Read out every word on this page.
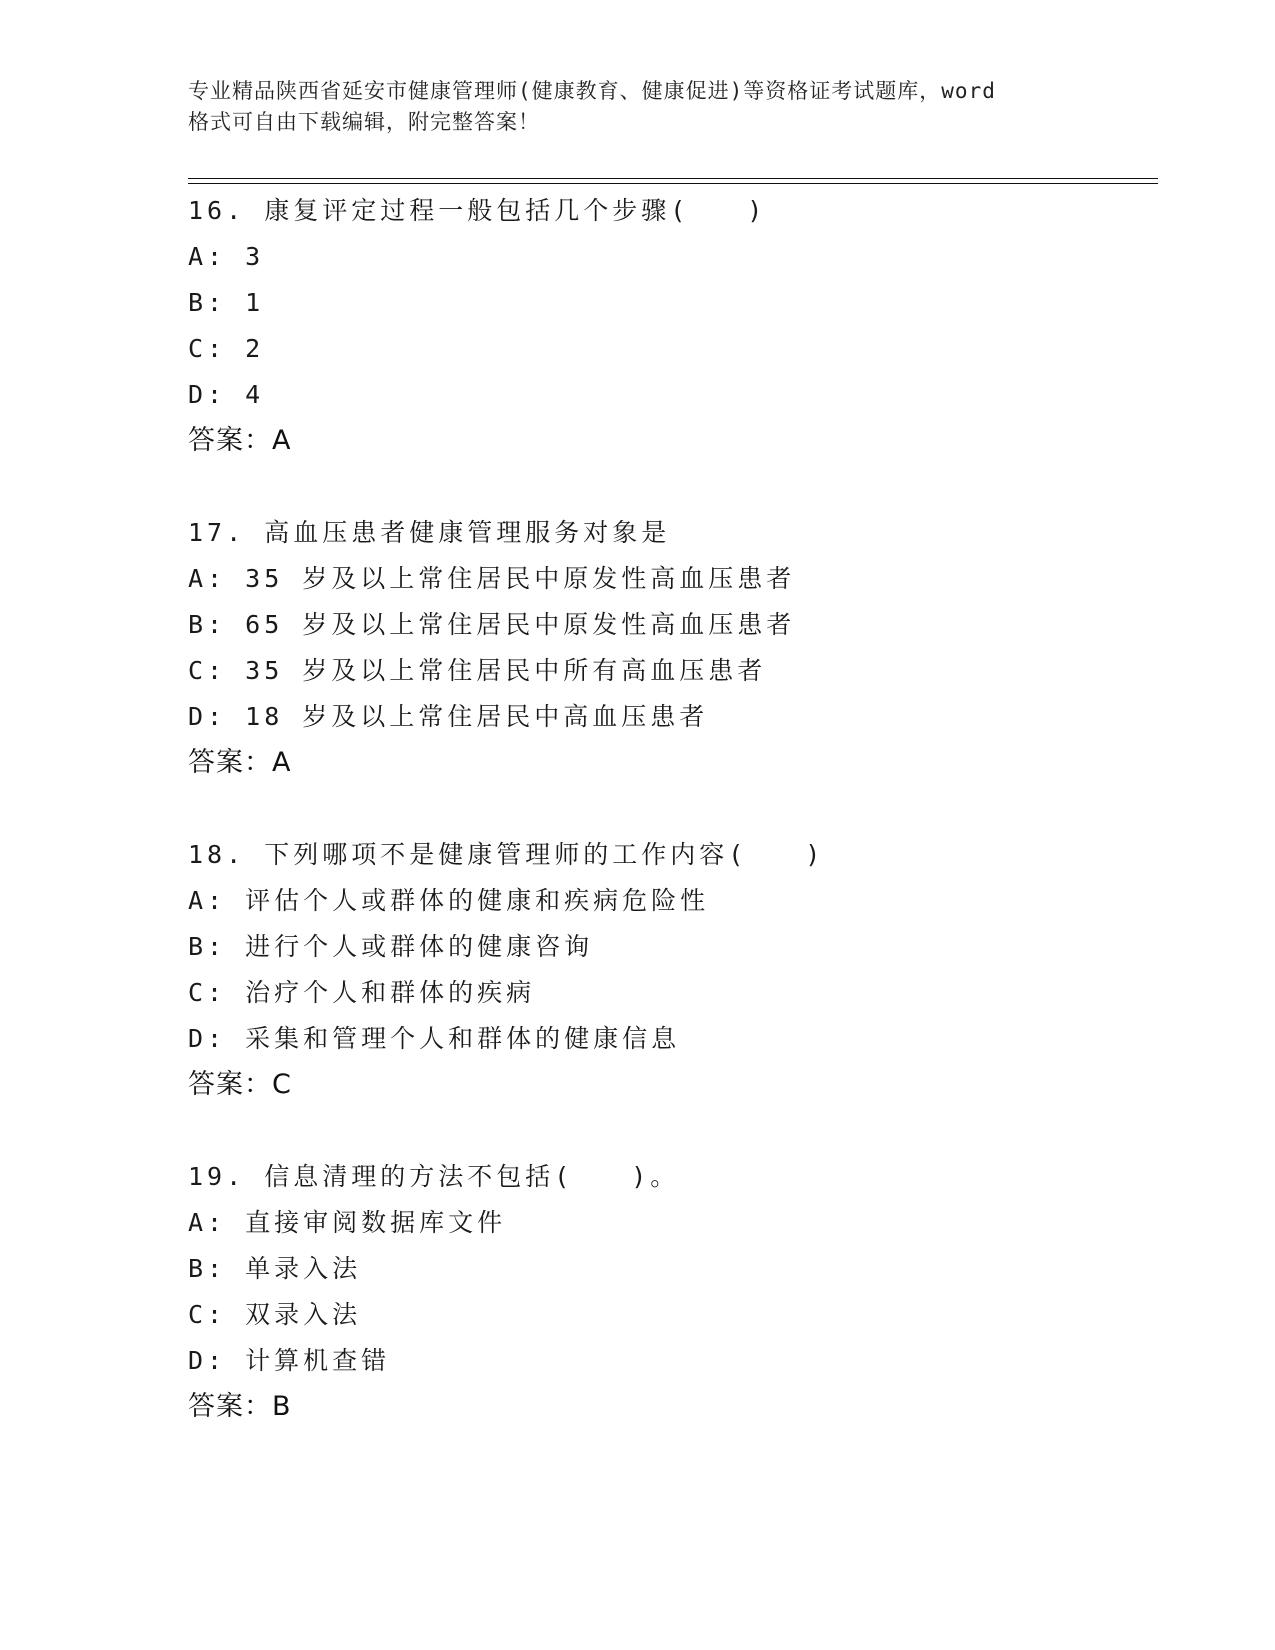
专业精品陕西省延安市健康管理师(健康教育、健康促进)等资格证考试题库，word
格式可自由下载编辑，附完整答案！
16. 康复评定过程一般包括几个步骤(　　)
A: 3
B: 1
C: 2
D: 4
答案：A
17. 高血压患者健康管理服务对象是
A: 35 岁及以上常住居民中原发性高血压患者
B: 65 岁及以上常住居民中原发性高血压患者
C: 35 岁及以上常住居民中所有高血压患者
D: 18 岁及以上常住居民中高血压患者
答案：A
18. 下列哪项不是健康管理师的工作内容(　　)
A: 评估个人或群体的健康和疾病危险性
B: 进行个人或群体的健康咨询
C: 治疗个人和群体的疾病
D: 采集和管理个人和群体的健康信息
答案：C
19. 信息清理的方法不包括(　　)。
A: 直接审阅数据库文件
B: 单录入法
C: 双录入法
D: 计算机查错
答案：B
